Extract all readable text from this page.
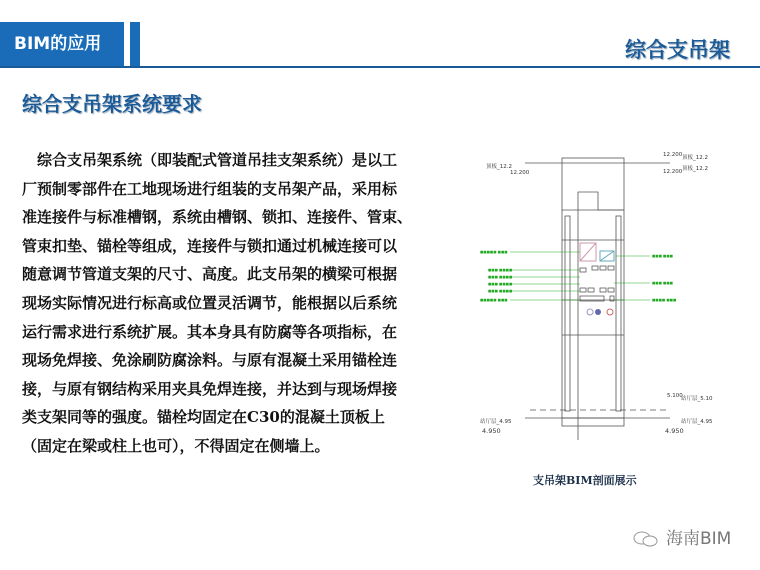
BIM的应用	综合支吊架
综合支吊架系统要求
　综合支吊架系统（即装配式管道吊挂支架系统）是以工
厂预制零部件在工地现场进行组装的支吊架产品，采用标
准连接件与标准槽钢，系统由槽钢、锁扣、连接件、管束、
管束扣垫、锚栓等组成，连接件与锁扣通过机械连接可以
随意调节管道支架的尺寸、高度。此支吊架的横梁可根据
现场实际情况进行标高或位置灵活调节，能根据以后系统
运行需求进行系统扩展。其本身具有防腐等各项指标，在
现场免焊接、免涂刷防腐涂料。与原有混凝土采用锚栓连
接，与原有钢结构采用夹具免焊连接，并达到与现场焊接
类支架同等的强度。锚栓均固定在C30的混凝土顶板上
（固定在梁或柱上也可），不得固定在侧墙上。
■■■■■ ■■■
■■■ ■■■
■■■ ■■■■
■■■ ■■■■
■■■ ■■■■
■■■ ■■■■
■■■■■ ■■■	■■■■ ■■■
■■■ ■■■
顶板_12.2
12.200
12.200 顶板_12.2
顶板_12.2
12.200
5.100
站厅层_5.10
站厅层_4.95	站厅层_4.95
4.950	4.950
支吊架BIM剖面展示
海南BIM
